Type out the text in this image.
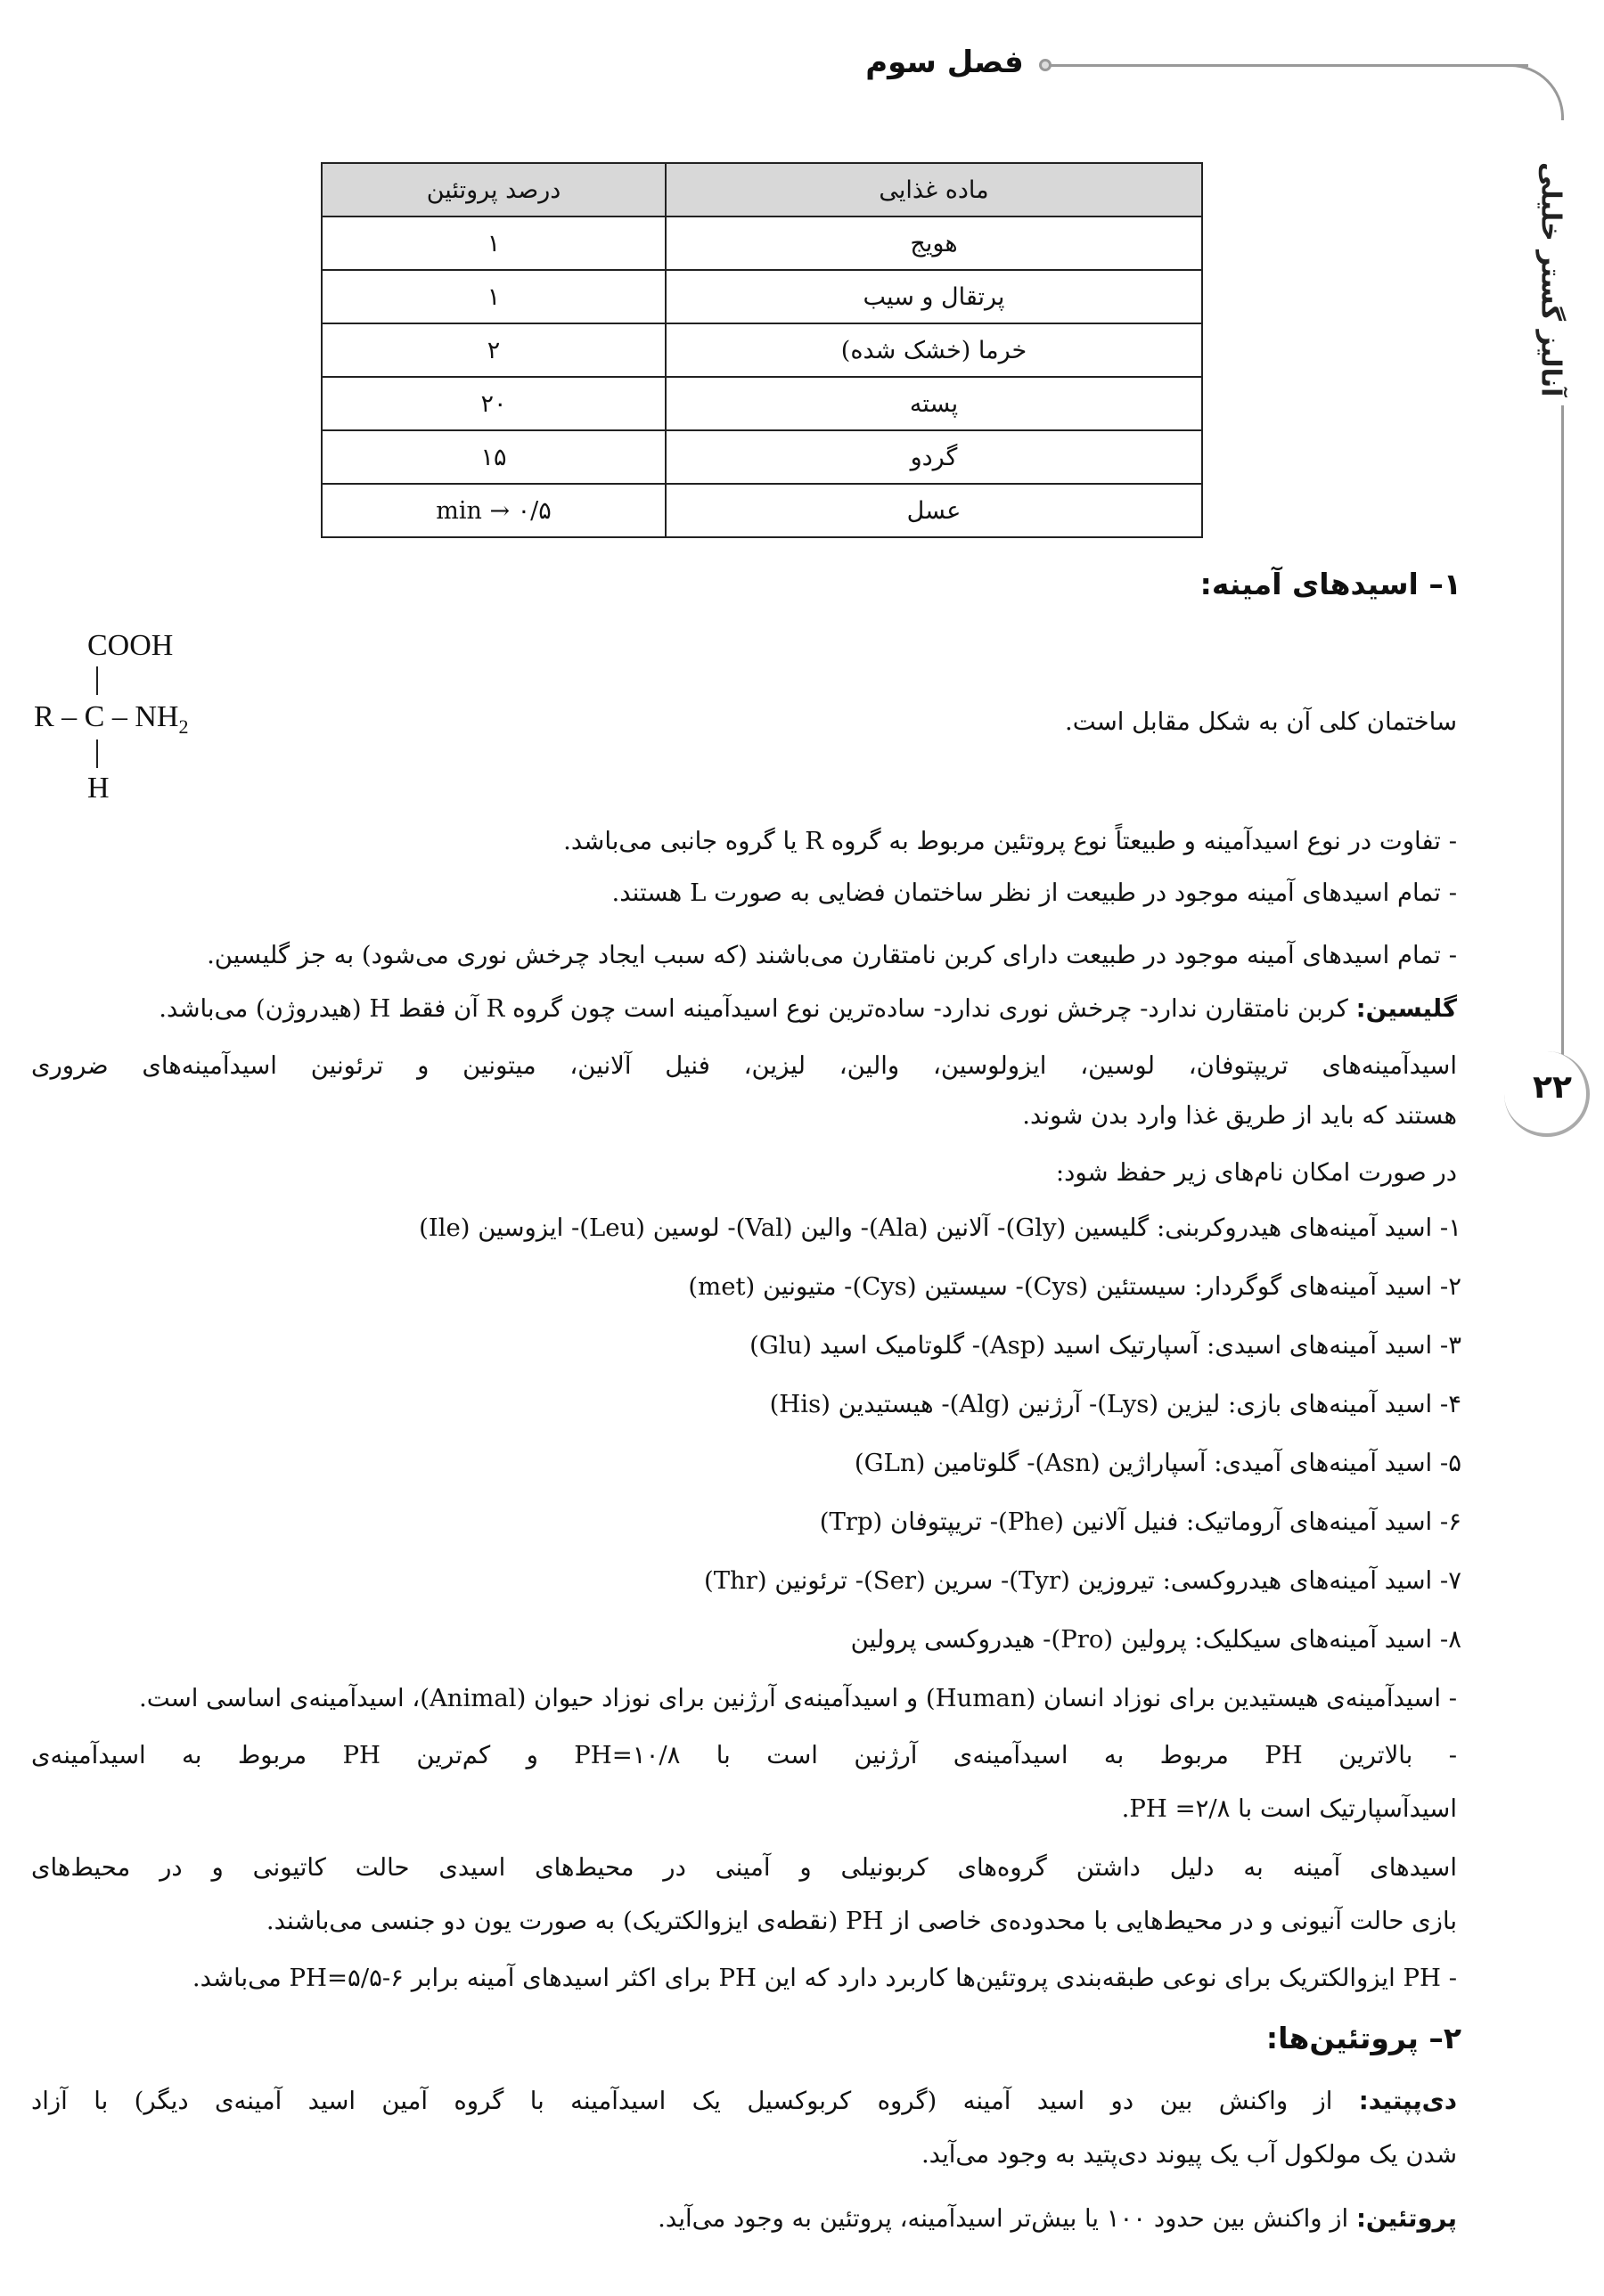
فصل سوم
آنالیز گستر خلیلی
۲۲
ماده غذایی	درصد پروتئین
هویج	۱
پرتقال و سیب	۱
خرما (خشک شده)	۲
پسته	۲۰
گردو	۱۵
عسل	۰/۵ → min
۱– اسیدهای آمینه:
COOH
R – C – $NH_2$
H
ساختمان کلی آن به شکل مقابل است.
- تفاوت در نوع اسیدآمینه و طبیعتاً نوع پروتئین مربوط به گروه R یا گروه جانبی می‌باشد.
- تمام اسیدهای آمینه موجود در طبیعت از نظر ساختمان فضایی به صورت L هستند.
- تمام اسیدهای آمینه موجود در طبیعت دارای کربن نامتقارن می‌باشند (که سبب ایجاد چرخش نوری می‌شود) به جز گلیسین.
گلیسین: کربن نامتقارن ندارد- چرخش نوری ندارد- ساده‌ترین نوع اسیدآمینه است چون گروه R آن فقط H (هیدروژن) می‌باشد.
اسیدآمینه‌های تریپتوفان، لوسین، ایزولوسین، والین، لیزین، فنیل آلانین، میتونین و ترئونین اسیدآمینه‌های ضروری
هستند که باید از طریق غذا وارد بدن شوند.
در صورت امکان نام‌های زیر حفظ شود:
۱- اسید آمینه‌های هیدروکربنی: گلیسین (Gly)- آلانین (Ala)- والین (Val)- لوسین (Leu)- ایزوسین (Ile)
۲- اسید آمینه‌های گوگردار: سیستئین (Cys)- سیستین (Cys)- متیونین (met)
۳- اسید آمینه‌های اسیدی: آسپارتیک اسید (Asp)- گلوتامیک اسید (Glu)
۴- اسید آمینه‌های بازی: لیزین (Lys)- آرژنین (Alg)- هیستیدین (His)
۵- اسید آمینه‌های آمیدی: آسپاراژین (Asn)- گلوتامین (GLn)
۶- اسید آمینه‌های آروماتیک: فنیل آلانین (Phe)- تریپتوفان (Trp)
۷- اسید آمینه‌های هیدروکسی: تیروزین (Tyr)- سرین (Ser)- ترئونین (Thr)
۸- اسید آمینه‌های سیکلیک: پرولین (Pro)- هیدروکسی پرولین
- اسیدآمینه‌ی هیستیدین برای نوزاد انسان (Human) و اسیدآمینه‌ی آرژنین برای نوزاد حیوان (Animal)، اسیدآمینه‌ی اساسی است.
- بالاترین PH مربوط به اسیدآمینه‌ی آرژنین است با PH=۱۰/۸ و کم‌ترین PH مربوط به اسیدآمینه‌ی
اسیدآسپارتیک است با PH =۲/۸.
اسیدهای آمینه به دلیل داشتن گروه‌های کربونیلی و آمینی در محیط‌های اسیدی حالت کاتیونی و در محیط‌های
بازی حالت آنیونی و در محیط‌هایی با محدوده‌ی خاصی از PH (نقطه‌ی ایزوالکتریک) به صورت یون دو جنسی می‌باشند.
- PH ایزوالکتریک برای نوعی طبقه‌بندی پروتئین‌ها کاربرد دارد که این PH برای اکثر اسیدهای آمینه برابر ۶-PH=۵/۵ می‌باشد.
۲– پروتئین‌ها:
دی‌پپتید: از واکنش بین دو اسید آمینه (گروه کربوکسیل یک اسیدآمینه با گروه آمین اسید آمینه‌ی دیگر) با آزاد
شدن یک مولکول آب یک پیوند دی‌پتید به وجود می‌آید.
پروتئین: از واکنش بین حدود ۱۰۰ یا بیش‌تر اسیدآمینه، پروتئین به وجود می‌آید.
